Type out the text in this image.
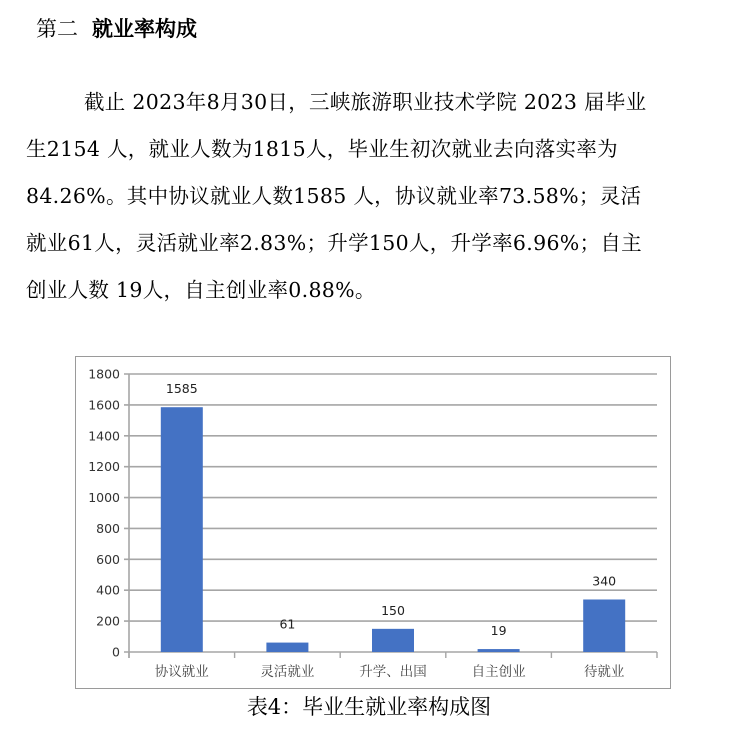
第二 就业率构成
截止 2023年8月30日，三峡旅游职业技术学院 2023 届毕业
生2154 人，就业人数为1815人，毕业生初次就业去向落实率为
84.26%。其中协议就业人数1585 人，协议就业率73.58%；灵活
就业61人，灵活就业率2.83%；升学150人，升学率6.96%；自主
创业人数 19人，自主创业率0.88%。
0
200
400
600
800
1000
1200
1400
1600
1800
1585
协议就业
61
灵活就业
150
升学、出国
19
自主创业
340
待就业
表4：毕业生就业率构成图
